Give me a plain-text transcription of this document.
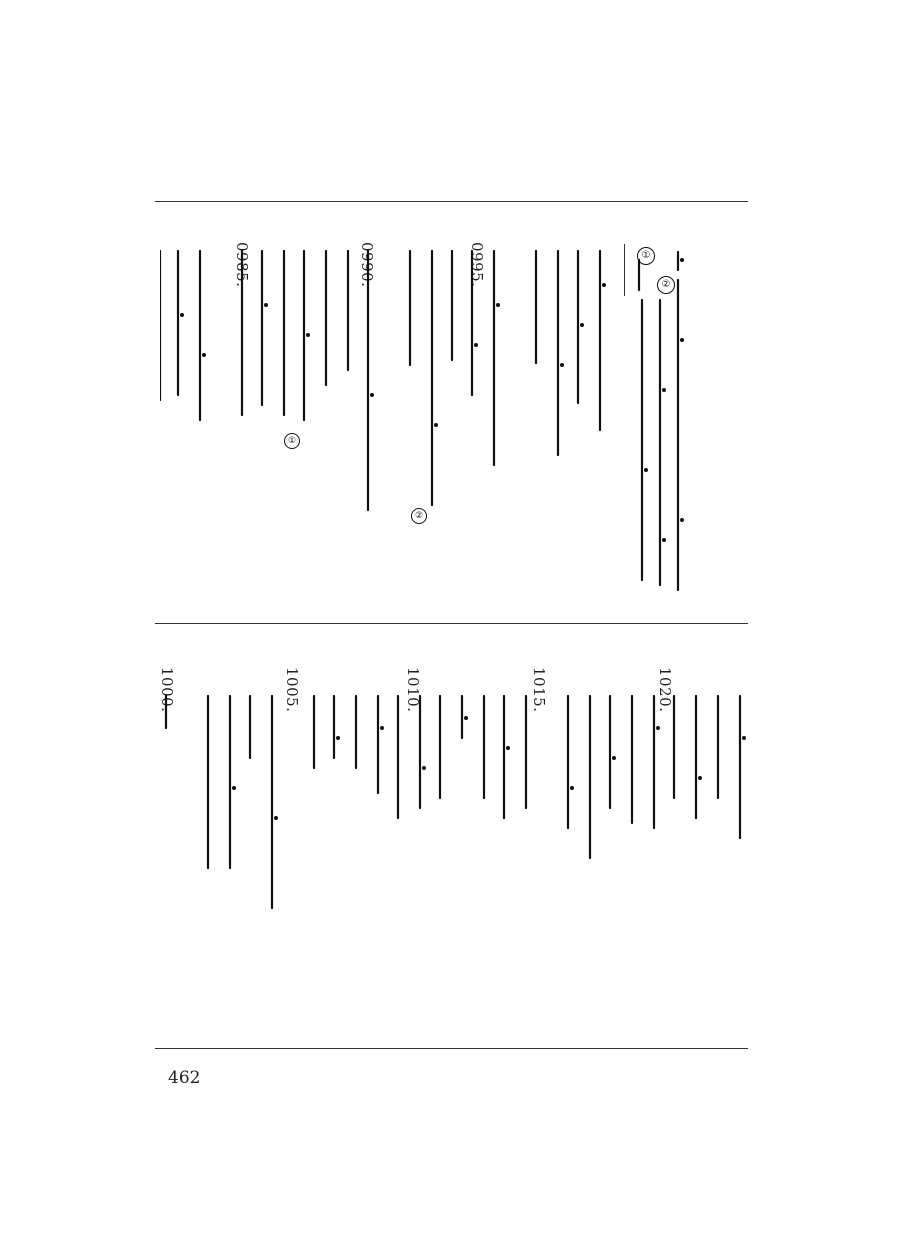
②
①
0995.
0990.
0985.
②
①
1020.
1015.
1010.
1005.
1000.
462
